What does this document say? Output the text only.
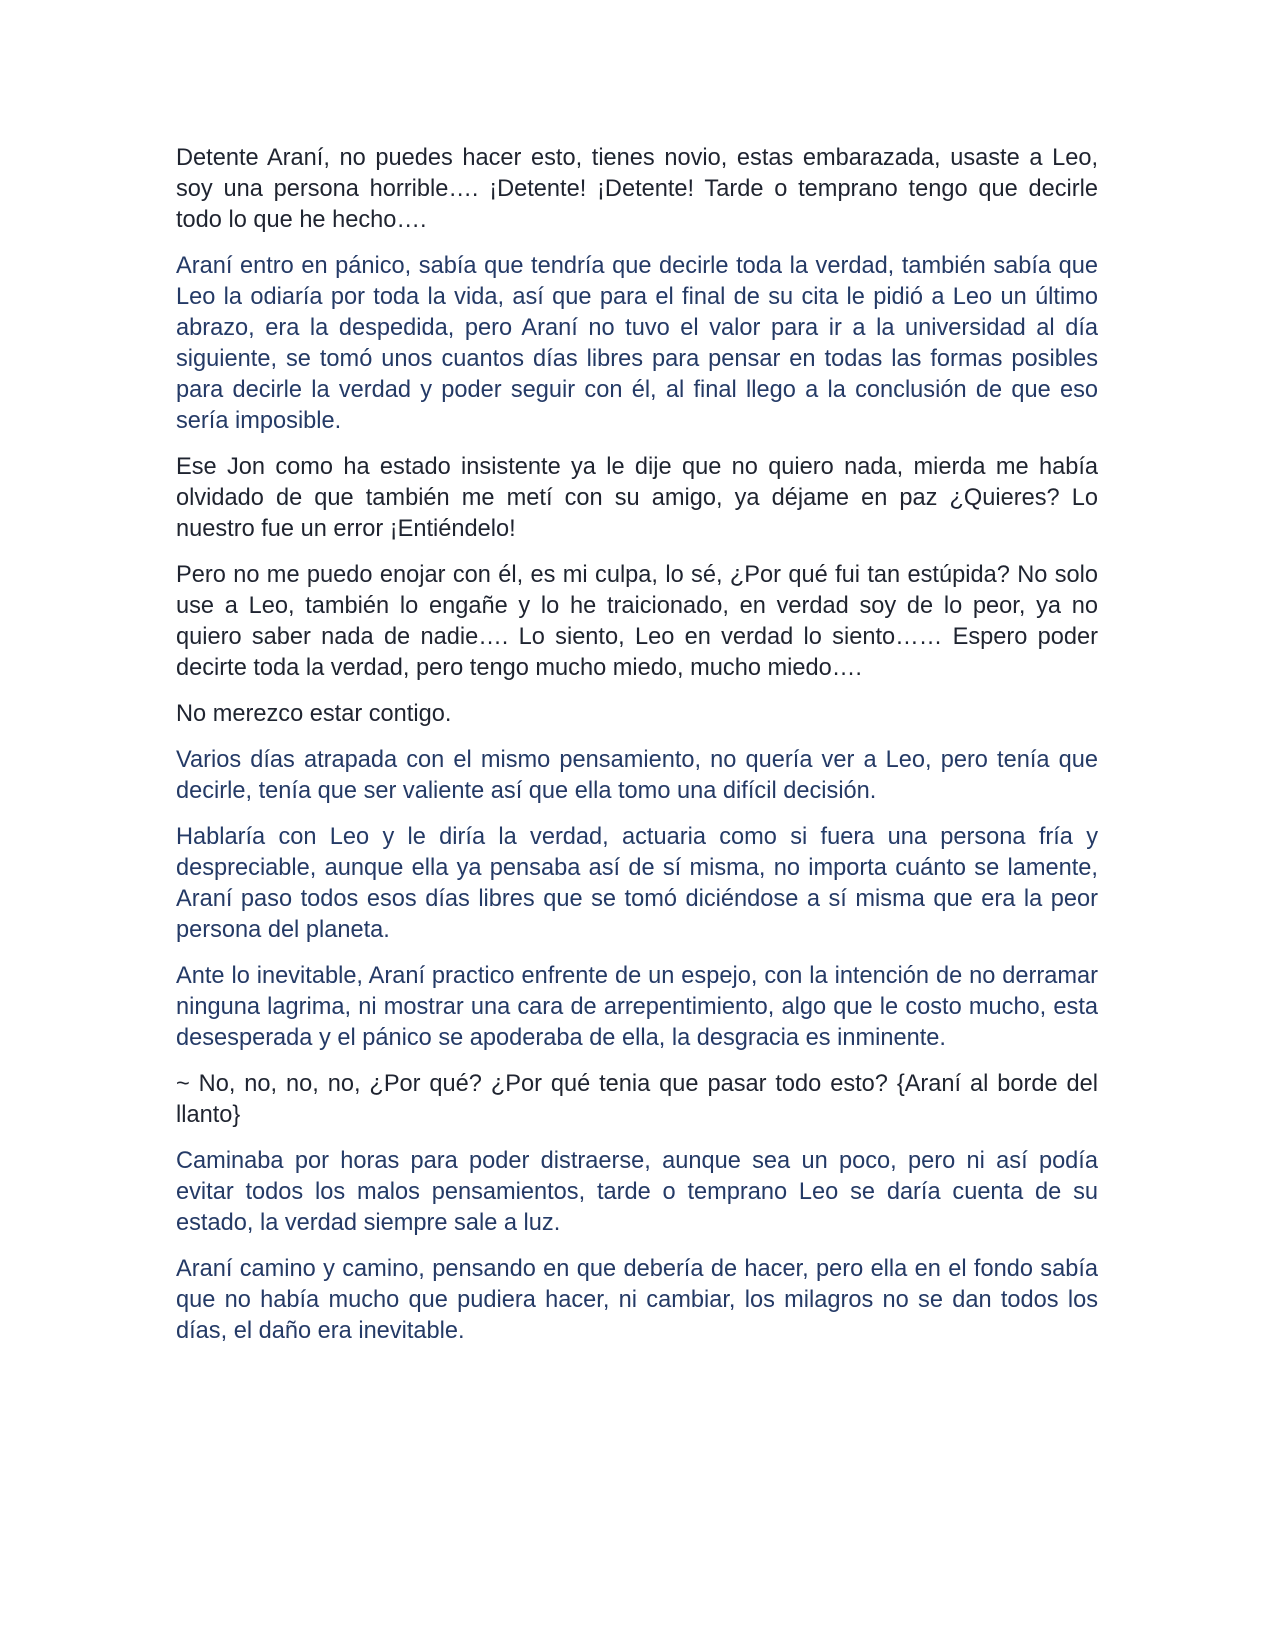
Detente Araní, no puedes hacer esto, tienes novio, estas embarazada, usaste a Leo, soy una persona horrible…. ¡Detente! ¡Detente! Tarde o temprano tengo que decirle todo lo que he hecho….

Araní entro en pánico, sabía que tendría que decirle toda la verdad, también sabía que Leo la odiaría por toda la vida, así que para el final de su cita le pidió a Leo un último abrazo, era la despedida, pero Araní no tuvo el valor para ir a la universidad al día siguiente, se tomó unos cuantos días libres para pensar en todas las formas posibles para decirle la verdad y poder seguir con él, al final llego a la conclusión de que eso sería imposible.

Ese Jon como ha estado insistente ya le dije que no quiero nada, mierda me había olvidado de que también me metí con su amigo, ya déjame en paz ¿Quieres? Lo nuestro fue un error ¡Entiéndelo!

Pero no me puedo enojar con él, es mi culpa, lo sé, ¿Por qué fui tan estúpida? No solo use a Leo, también lo engañe y lo he traicionado, en verdad soy de lo peor, ya no quiero saber nada de nadie…. Lo siento, Leo en verdad lo siento…… Espero poder decirte toda la verdad, pero tengo mucho miedo, mucho miedo….

No merezco estar contigo.

Varios días atrapada con el mismo pensamiento, no quería ver a Leo, pero tenía que decirle, tenía que ser valiente así que ella tomo una difícil decisión.

Hablaría con Leo y le diría la verdad, actuaria como si fuera una persona fría y despreciable, aunque ella ya pensaba así de sí misma, no importa cuánto se lamente, Araní paso todos esos días libres que se tomó diciéndose a sí misma que era la peor persona del planeta.

Ante lo inevitable, Araní practico enfrente de un espejo, con la intención de no derramar ninguna lagrima, ni mostrar una cara de arrepentimiento, algo que le costo mucho, esta desesperada y el pánico se apoderaba de ella, la desgracia es inminente.

~ No, no, no, no, ¿Por qué? ¿Por qué tenia que pasar todo esto? {Araní al borde del llanto}

Caminaba por horas para poder distraerse, aunque sea un poco, pero ni así podía evitar todos los malos pensamientos, tarde o temprano Leo se daría cuenta de su estado, la verdad siempre sale a luz.

Araní camino y camino, pensando en que debería de hacer, pero ella en el fondo sabía que no había mucho que pudiera hacer, ni cambiar, los milagros no se dan todos los días, el daño era inevitable.
